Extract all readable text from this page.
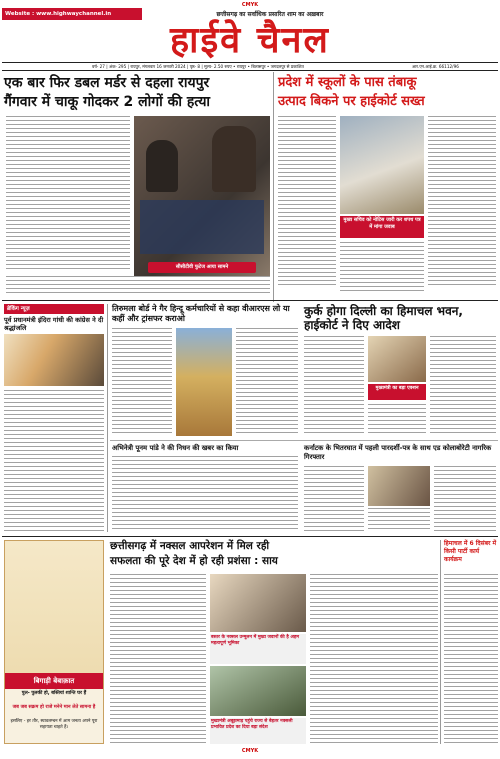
CMYK
Website : www.highwaychannel.in	छत्तीसगढ़ का सर्वाधिक प्रसारित शाम का अख़बार
हाईवे चैनल
वर्ष- 27 | अंक- 295 | रायपुर, मंगलवार 16 जनवरी 2024 | पृष्ठ- 8 | मूल्य- 2.50 रुपए • रायपुर • बिलासपुर • जगदलपुर से प्रकाशित	आर.एन.आई.क्र. 66112/96
एक बार फिर डबल मर्डर से दहला रायपुर
गैंगवार में चाकू गोदकर 2 लोगों की हत्या
सीसीटीवी फुटेज आया सामने
प्रदेश में स्कूलों के पास तंबाकू
उत्पाद बिकने पर हाईकोर्ट सख्त
मुख्य सचिव को नोटिस जारी कर शपथ पत्र में मांगा जवाब
ब्रेकिंग न्यूज़
पूर्व प्रधानमंत्री इंदिरा गांधी की कांग्रेस ने दी श्रद्धांजलि
तिरुमला बोर्ड ने गैर हिन्दू कर्मचारियों से कहा वीआरएस लो या कहीं और ट्रांसफर कराओ
कुर्क होगा दिल्ली का हिमाचल भवन, हाईकोर्ट ने दिए आदेश
मुख्यमंत्री का बड़ा एक्शन
अभिनेत्री पूनम पांडे ने की निधन की खबर का किया	कर्नाटक के भितरघात में पहली पारदर्शी-पत्र के साथ एड कोलाबोरेटी नागरिक गिरफ्तार
छत्तीसगढ़ में नक्सल आपरेशन में मिल रही
सफलता की पूरे देश में हो रही प्रशंसा : साय
बस्तर के नक्सल उन्मूलन में मुख्य जवानों की है अहम महत्वपूर्ण भूमिका
मुख्यमंत्री अबूझमाड़ पहुंचे राज्य से बेहतर नक्सली प्रभावित प्रदेश का दिया बड़ा संदेश
बिगाड़ी बेबाक़ात
पुल- पुलकी हो, बस्तियां शान्ति घर हैं
जब जब सक्रम हो राजे मनेने मान लेते सामना है
इसलिए - हर तौर, स्वावलम्बन में आम जनता अपने पूरा सहायता चाहते हैं।
हिमाचल में 6 दिसंबर में किसी पार्टी कार्य कार्यक्रम
CMYK
